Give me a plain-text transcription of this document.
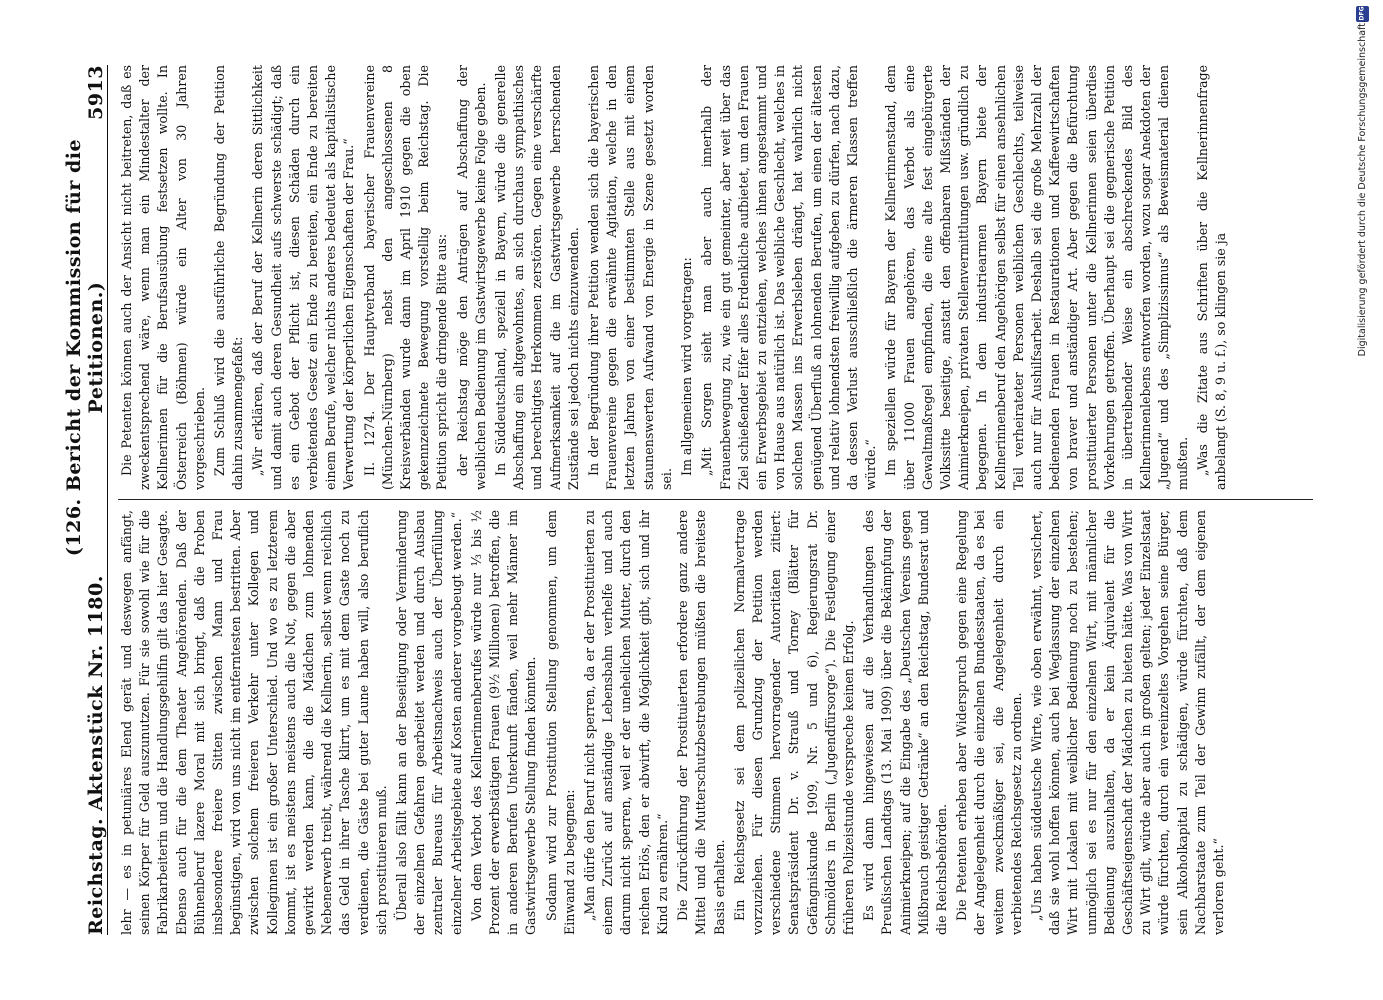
Reichstag. Aktenstück Nr. 1180.
(126. Bericht der Kommission für die Petitionen.)
5913

lehr — es in petuniäres Elend gerät und deswegen anfängt, seinen Körper für Geld auszunutzen. Für sie sowohl wie für die Fabrikarbeiterin und die Handlungsgehilfin gilt das hier Gesagte. Ebenso auch für die dem Theater Angehörenden. Daß der Bühnenberuf lazere Moral mit sich bringt, daß die Proben insbesondere freiere Sitten zwischen Mann und Frau begünstigen, wird von uns nicht im entferntesten bestritten. Aber zwischen solchem freieren Verkehr unter Kollegen und Kolleginnen ist ein großer Unterschied. Und wo es zu letzterem kommt, ist es meistens meistens auch die Not, gegen die aber gewirkt werden kann, die die Mädchen zum lohnenden Nebenerwerb treibt, während die Kellnerin, selbst wenn reichlich das Geld in ihrer Tasche klirrt, um es mit dem Gaste noch zu verdienen, die Gäste bei guter Laune haben will, also beruflich sich prostituieren muß. Überall also fällt kann an der Beseitigung oder Verminderung der einzelnen Gefahren gearbeitet werden und durch Ausbau zentraler Bureaus für Arbeitsnachweis auch der Überfüllung einzelner Arbeitsgebiete auf Kosten anderer vorgebeugt werden.“ Von dem Verbot des Kellnerinnenberufes würde nur ⅓ bis ½ Prozent der erwerbstätigen Frauen (9½ Millionen) betroffen, die in anderen Berufen Unterkunft fänden, weil mehr Männer im Gastwirtsgewerbe Stellung finden könnten. Sodann wird zur Prostitution Stellung genommen, um dem Einwand zu begegnen: „Man dürfe den Beruf nicht sperren, da er der Prostituierten zu einem Zurück auf anständige Lebensbahn verhelfe und auch darum nicht sperren, weil er der unehelichen Mutter, durch den reichen Erlös, den er abwirft, die Möglichkeit gibt, sich und ihr Kind zu ernähren.“ Die Zurückführung der Prostituierten erfordere ganz andere Mittel und die Mutterschutzbestrebungen müßten die breiteste Basis erhalten. Ein Reichsgesetz sei dem polizeilichen Normalvertrage vorzuziehen. Für diesen Grundzug der Petition werden verschiedene Stimmen hervorragender Autoritäten zitiert: Senatspräsident Dr. v. Strauß und Torney (Blätter für Gefängniskunde 1909, Nr. 5 und 6), Regierungsrat Dr. Schmölders in Berlin („Jugendfürsorge“). Die Festlegung einer früheren Polizeistunde verspreche keinen Erfolg. Es wird dann hingewiesen auf die Verhandlungen des Preußischen Landtags (13. Mai 1909) über die Bekämpfung der Animierkneipen; auf die Eingabe des „Deutschen Vereins gegen Mißbrauch geistiger Getränke“ an den Reichstag, Bundesrat und die Reichsbehörden. Die Petenten erheben aber Widerspruch gegen eine Regelung der Angelegenheit durch die einzelnen Bundesstaaten, da es bei weitem zweckmäßiger sei, die Angelegenheit durch ein verbietendes Reichsgesetz zu ordnen. „Uns haben süddeutsche Wirte, wie oben erwähnt, versichert, daß sie wohl hoffen können, auch bei Weglassung der einzelnen Wirt mit Lokalen mit weiblicher Bedienung noch zu bestehen; unmöglich sei es nur für den einzelnen Wirt, mit männlicher Bedienung auszuhalten, da er kein Äquivalent für die Geschäftseigenschaft der Mädchen zu bieten hätte. Was von Wirt zu Wirt gilt, würde aber auch in großen gelten; jeder Einzelstaat würde fürchten, durch ein vereinzeltes Vorgehen seine Bürger, sein Alkoholkapital zu schädigen, würde fürchten, daß dem Nachbarstaate zum Teil der Gewinn zufällt, der dem eigenen verloren geht.“

Die Petenten können auch der Ansicht nicht beitreten, daß es zweckentsprechend wäre, wenn man ein Mindestalter der Kellnerinnen für die Berufsausübung festsetzen wollte. In Österreich (Böhmen) würde ein Alter von 30 Jahren vorgeschrieben. Zum Schluß wird die ausführliche Begründung der Petition dahin zusammengefaßt: „Wir erklären, daß der Beruf der Kellnerin deren Sittlichkeit und damit auch deren Gesundheit aufs schwerste schädigt; daß es ein Gebot der Pflicht ist, diesen Schäden durch ein verbietendes Gesetz ein Ende zu bereiten, ein Ende zu bereiten einem Berufe, welcher nichts anderes bedeutet als kapitalistische Verwertung der körperlichen Eigenschaften der Frau.“ II. 1274. Der Hauptverband bayerischer Frauenvereine (München-Nürnberg) nebst den angeschlossenen 8 Kreisverbänden wurde dann im April 1910 gegen die oben gekennzeichnete Bewegung vorstellig beim Reichstag. Die Petition spricht die dringende Bitte aus: der Reichstag möge den Anträgen auf Abschaffung der weiblichen Bedienung im Gastwirtsgewerbe keine Folge geben. In Süddeutschland, speziell in Bayern, würde die generelle Abschaffung ein altgewohntes, an sich durchaus sympathisches und berechtigtes Herkommen zerstören. Gegen eine verschärfte Aufmerksamkeit auf die im Gastwirtsgewerbe herrschenden Zustände sei jedoch nichts einzuwenden. In der Begründung ihrer Petition wenden sich die bayerischen Frauenvereine gegen die erwähnte Agitation, welche in den letzten Jahren von einer bestimmten Stelle aus mit einem staunenswerten Aufwand von Energie in Szene gesetzt worden sei.

Im allgemeinen wird vorgetragen: „Mit Sorgen sieht man aber auch innerhalb der Frauenbewegung zu, wie ein gut gemeinter, aber weit über das Ziel schießender Eifer alles Erdenkliche aufbietet, um den Frauen ein Erwerbsgebiet zu entziehen, welches ihnen angestammt und von Hause aus natürlich ist. Das weibliche Geschlecht, welches in solchen Massen ins Erwerbsleben drängt, hat wahrlich nicht genügend Überfluß an lohnenden Berufen, um einen der ältesten und relativ lohnendsten freiwillig aufgeben zu dürfen, nach dazu, da dessen Verlust ausschließlich die ärmeren Klassen treffen würde.“ Im speziellen würde für Bayern der Kellnerinnenstand, dem über 11000 Frauen angehören, das Verbot als eine Gewaltmaßregel empfinden, die eine alte fest eingebürgerte Volkssitte beseitige, anstatt den offenbaren Mißständen der Animierkneipen, privaten Stellenvermittlungen usw. gründlich zu begegnen. In dem industriearmen Bayern biete der Kellnerinnenberuf den Angehörigen selbst für einen ansehnlichen Teil verheirateter Personen weiblichen Geschlechts, teilweise auch nur für Aushilfsarbeit. Deshalb sei die große Mehrzahl der bedienenden Frauen in Restaurationen und Kaffeewirtschaften von braver und anständiger Art. Aber gegen die Befürchtung prostituierter Personen unter die Kellnerinnen seien überdies Vorkehrungen getroffen. Überhaupt sei die gegnerische Petition in übertreibender Weise ein abschreckendes Bild des Kellnerinnenlebens entworfen worden, wozu sogar Anekdoten der „Jugend“ und des „Simplizissimus“ als Beweismaterial dienen mußten. „Was die Zitate aus Schriften über die Kellnerinnenfrage anbelangt (S. 8, 9 u. f.), so klingen sie ja

DFG
Digitalisierung gefördert durch die Deutsche Forschungsgemeinschaft.
